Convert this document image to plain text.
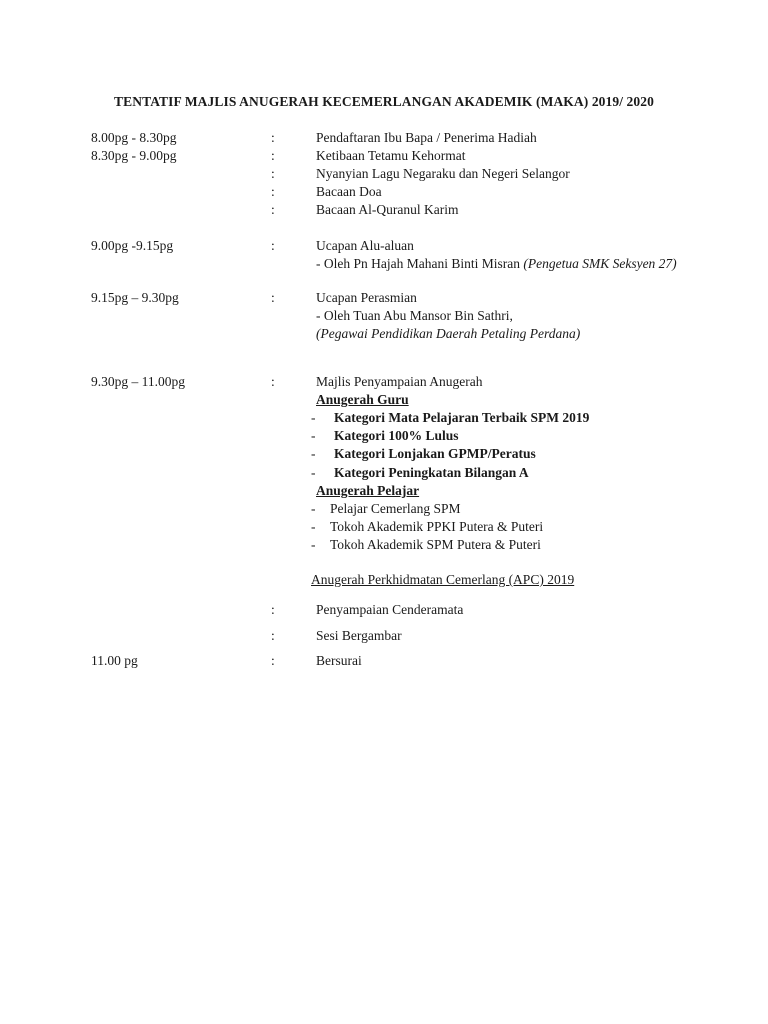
TENTATIF MAJLIS ANUGERAH KECEMERLANGAN AKADEMIK (MAKA) 2019/ 2020
8.00pg - 8.30pg	:	Pendaftaran Ibu Bapa / Penerima Hadiah
8.30pg - 9.00pg	:	Ketibaan Tetamu Kehormat
:	Nyanyian Lagu Negaraku dan Negeri Selangor
:	Bacaan Doa
:	Bacaan Al-Quranul Karim
9.00pg -9.15pg	:	Ucapan Alu-aluan
- Oleh Pn Hajah Mahani Binti Misran (Pengetua SMK Seksyen 27)
9.15pg – 9.30pg	:	Ucapan Perasmian
- Oleh Tuan Abu Mansor Bin Sathri,
(Pegawai Pendidikan Daerah Petaling Perdana)
9.30pg – 11.00pg	:	Majlis Penyampaian Anugerah
Anugerah Guru
- Kategori Mata Pelajaran Terbaik SPM 2019
- Kategori 100% Lulus
- Kategori Lonjakan GPMP/Peratus
- Kategori Peningkatan Bilangan A
Anugerah Pelajar
- Pelajar Cemerlang SPM
- Tokoh Akademik PPKI Putera & Puteri
- Tokoh Akademik SPM Putera & Puteri
Anugerah Perkhidmatan Cemerlang (APC) 2019
:	Penyampaian Cenderamata
:	Sesi Bergambar
11.00 pg	:	Bersurai
